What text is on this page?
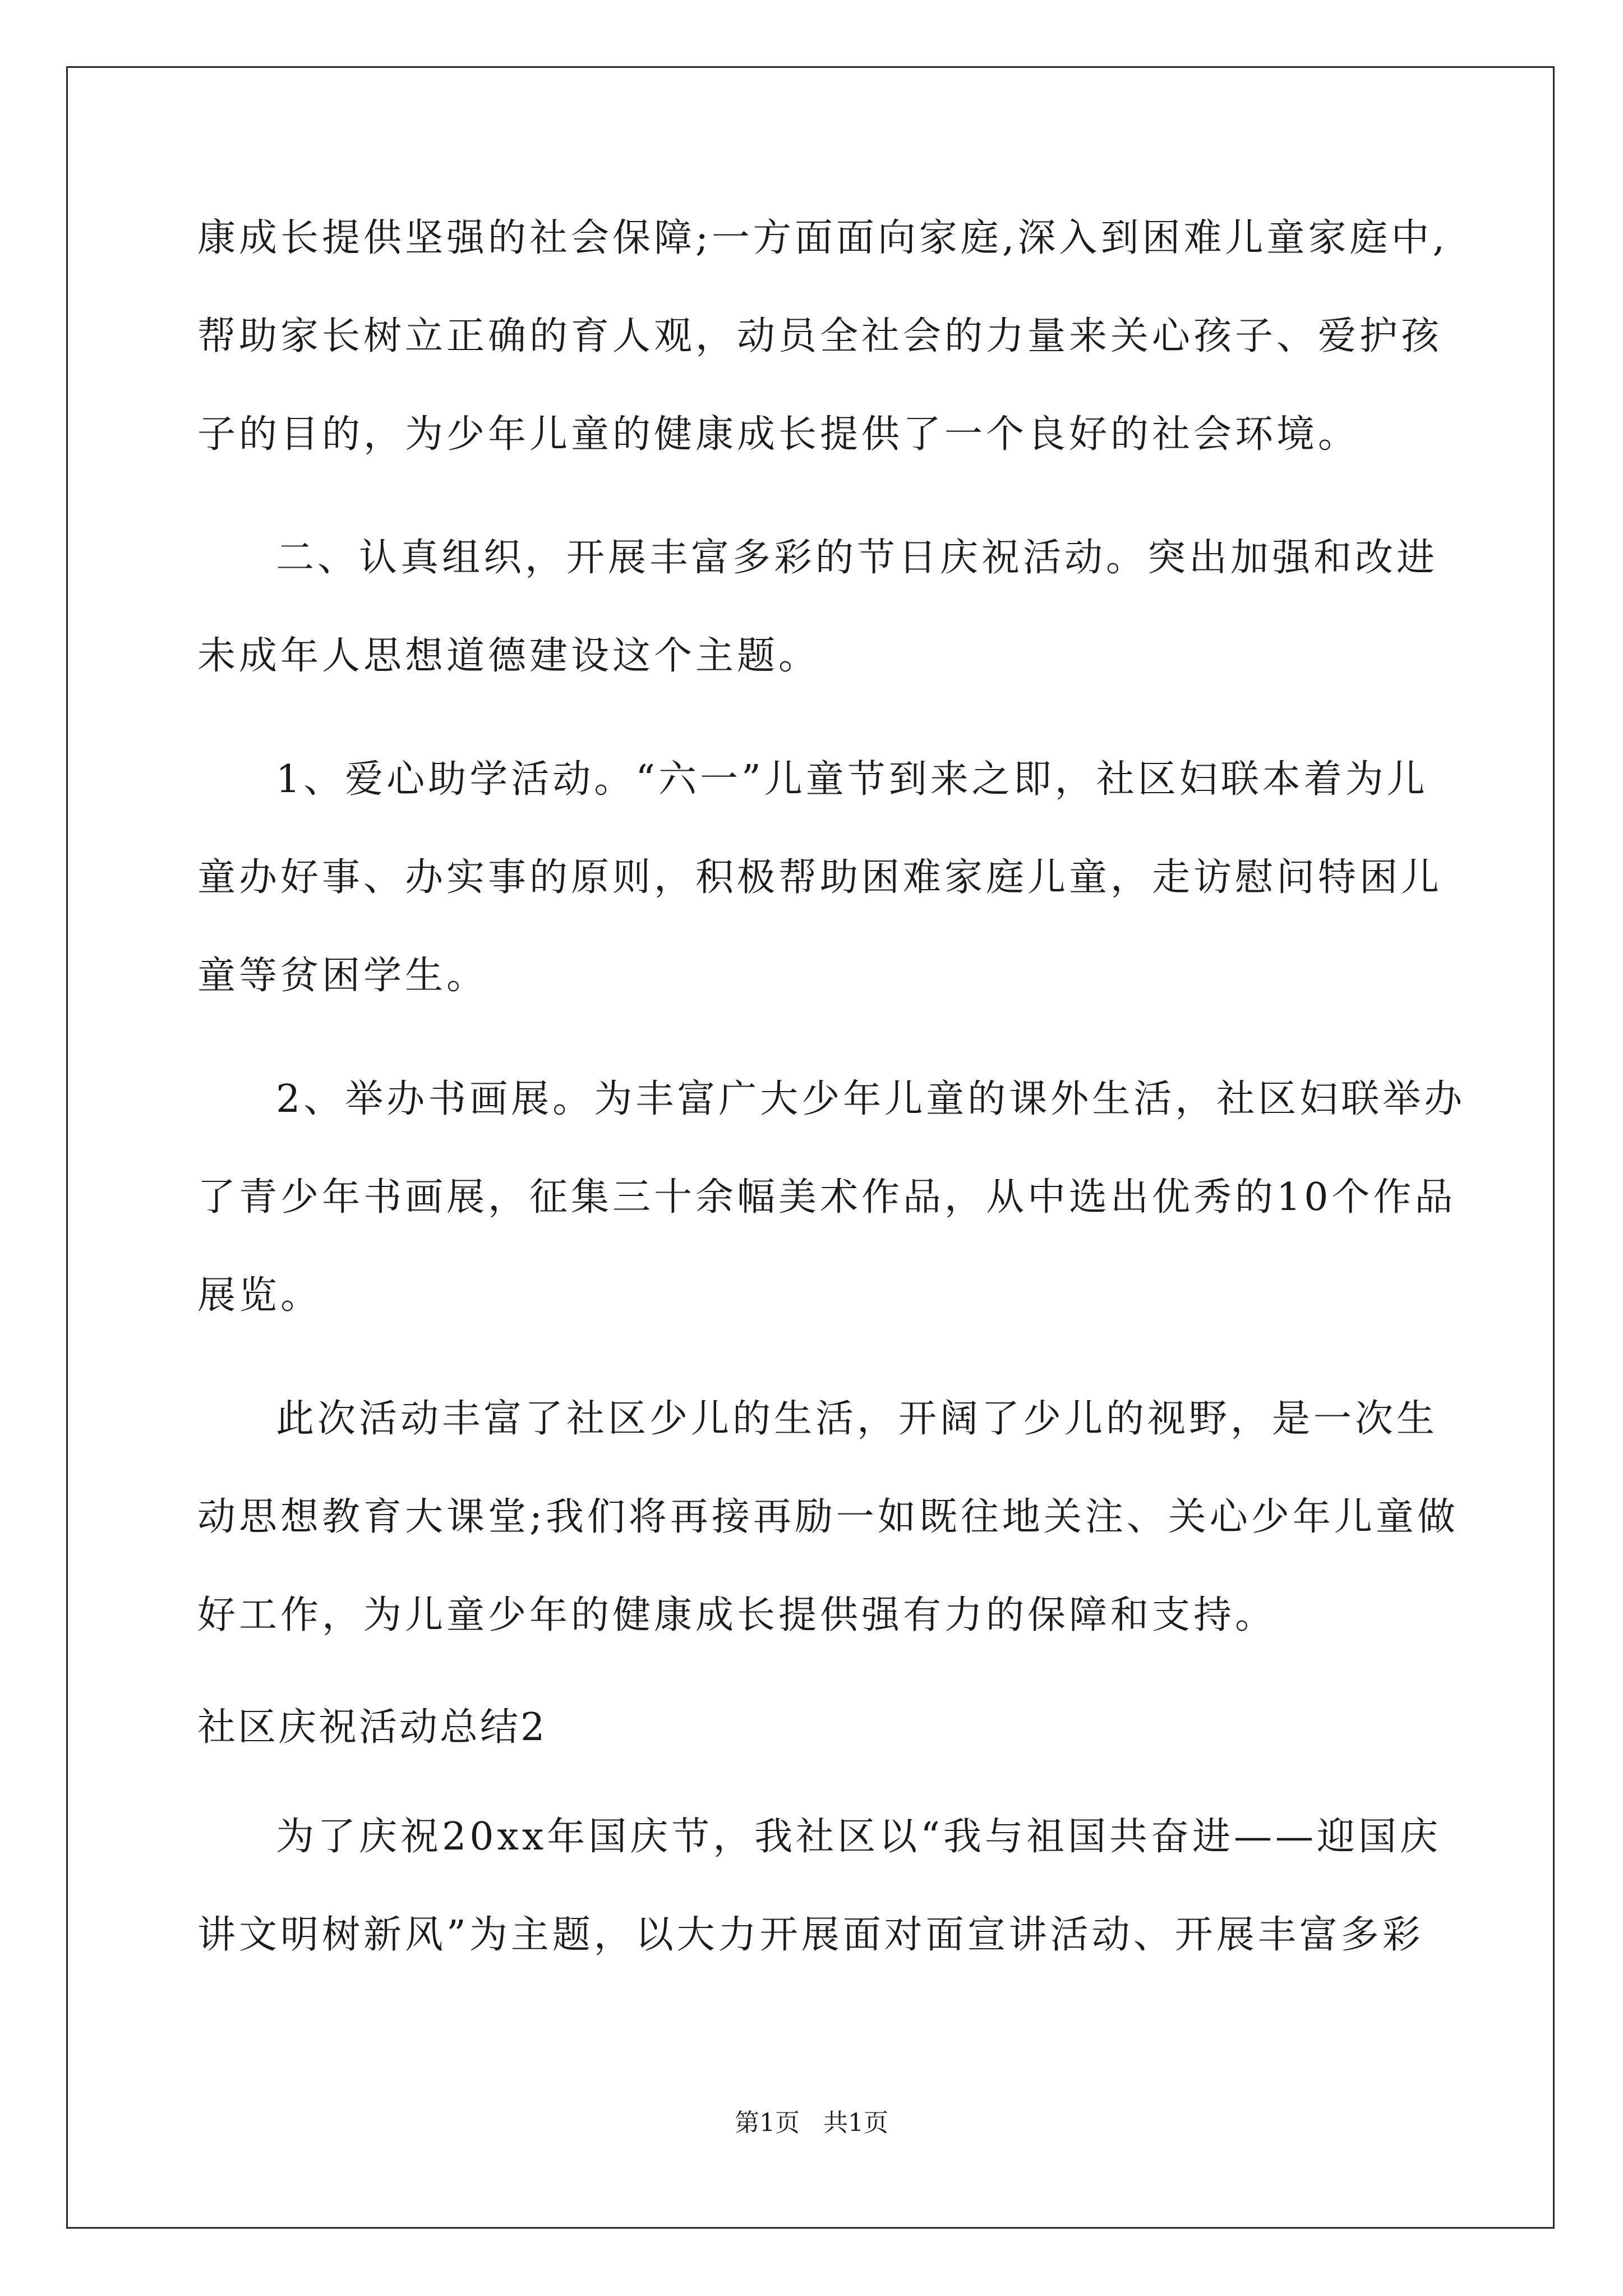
康成长提供坚强的社会保障;一方面面向家庭,深入到困难儿童家庭中,
帮助家长树立正确的育人观，动员全社会的力量来关心孩子、爱护孩
子的目的，为少年儿童的健康成长提供了一个良好的社会环境。
二、认真组织，开展丰富多彩的节日庆祝活动。突出加强和改进
未成年人思想道德建设这个主题。
1、爱心助学活动。“六一”儿童节到来之即，社区妇联本着为儿
童办好事、办实事的原则，积极帮助困难家庭儿童，走访慰问特困儿
童等贫困学生。
2、举办书画展。为丰富广大少年儿童的课外生活，社区妇联举办
了青少年书画展，征集三十余幅美术作品，从中选出优秀的10个作品
展览。
此次活动丰富了社区少儿的生活，开阔了少儿的视野，是一次生
动思想教育大课堂;我们将再接再励一如既往地关注、关心少年儿童做
好工作，为儿童少年的健康成长提供强有力的保障和支持。
社区庆祝活动总结2
为了庆祝20xx年国庆节，我社区以“我与祖国共奋进——迎国庆
讲文明树新风”为主题，以大力开展面对面宣讲活动、开展丰富多彩
第1页 共1页
